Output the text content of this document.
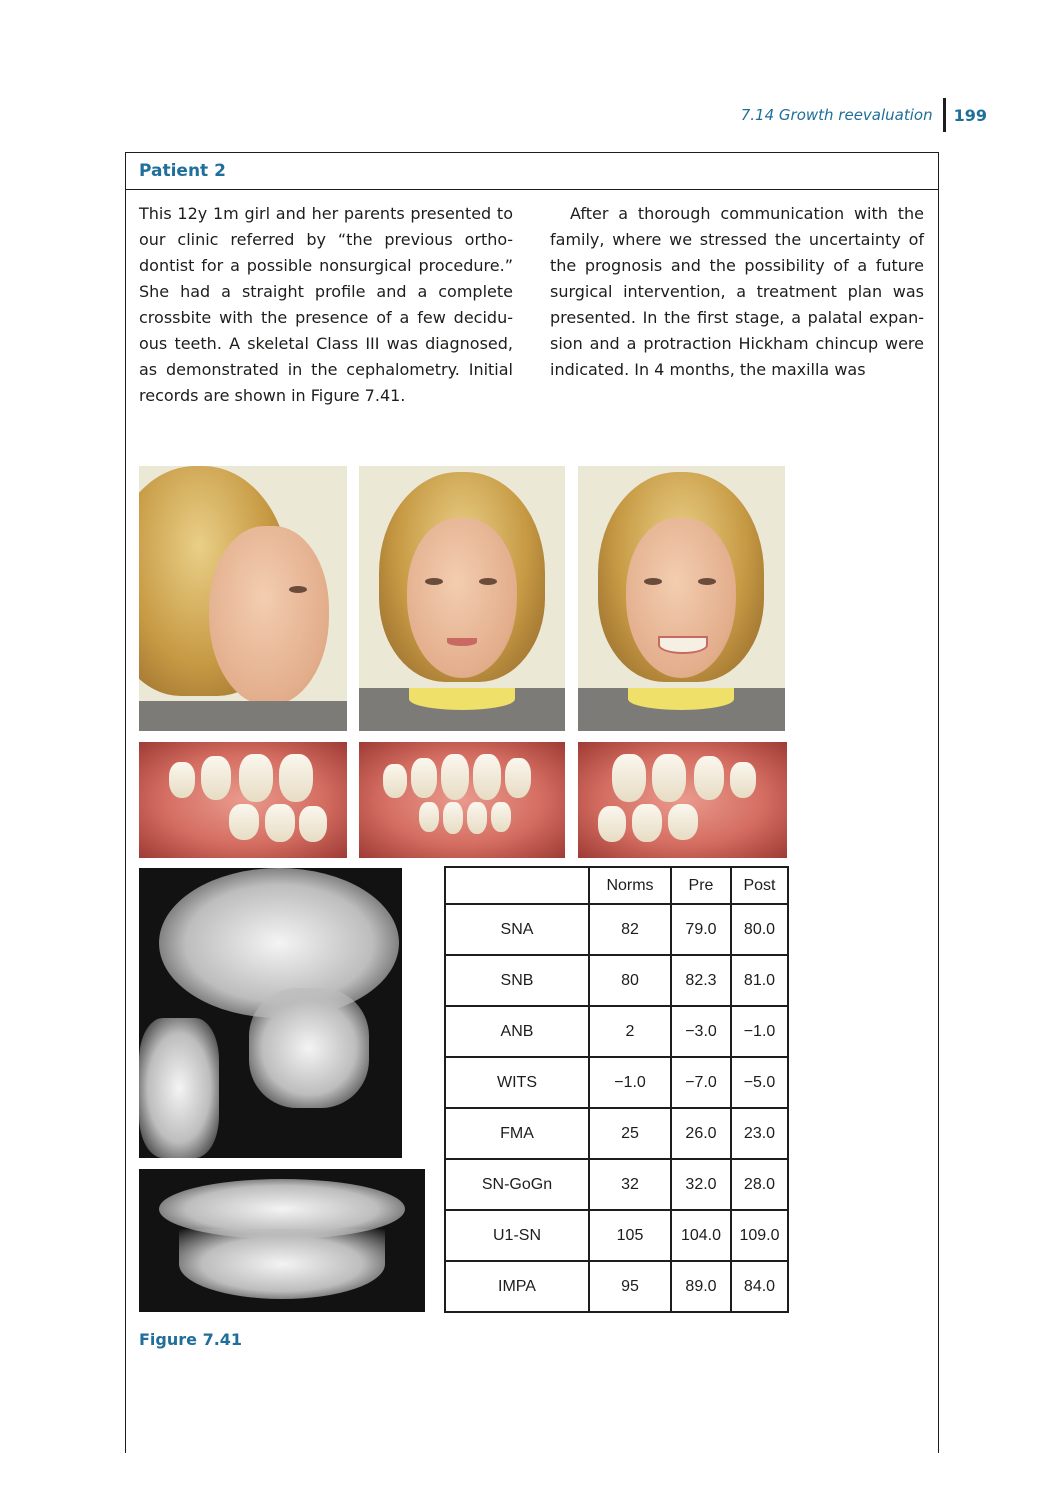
7.14 Growth reevaluation 199
Patient 2

This 12y 1m girl and her parents presented to our clinic referred by “the previous orthodontist for a possible nonsurgical procedure.” She had a straight profile and a complete crossbite with the presence of a few deciduous teeth. A skeletal Class III was diagnosed, as demonstrated in the cephalometry. Initial records are shown in Figure 7.41.

After a thorough communication with the family, where we stressed the uncertainty of the prognosis and the possibility of a future surgical intervention, a treatment plan was presented. In the first stage, a palatal expansion and a protraction Hickham chincup were indicated. In 4 months, the maxilla was

	Norms	Pre	Post
SNA	82	79.0	80.0
SNB	80	82.3	81.0
ANB	2	−3.0	−1.0
WITS	−1.0	−7.0	−5.0
FMA	25	26.0	23.0
SN-GoGn	32	32.0	28.0
U1-SN	105	104.0	109.0
IMPA	95	89.0	84.0
Figure 7.41
